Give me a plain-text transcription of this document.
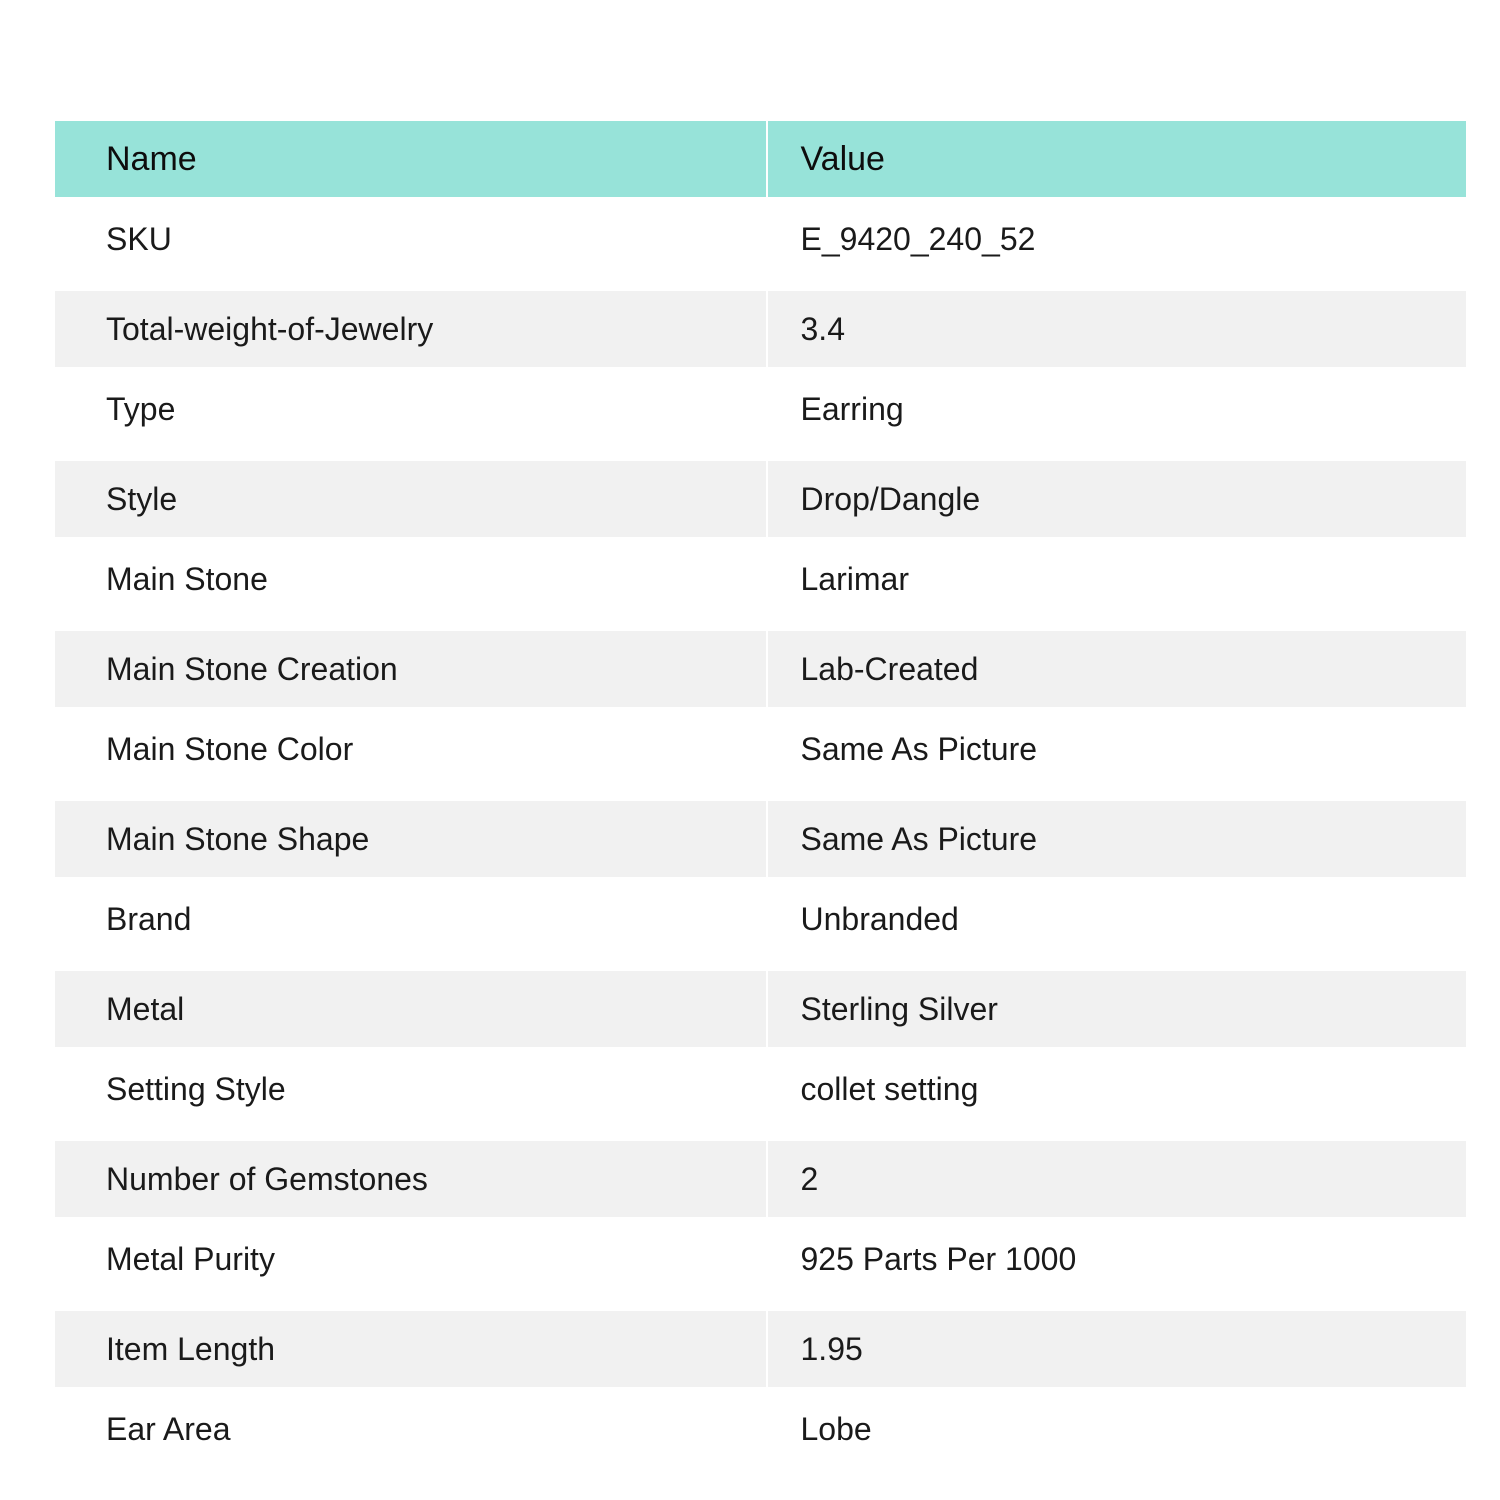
Name	Value
SKU	E_9420_240_52
Total-weight-of-Jewelry	3.4
Type	Earring
Style	Drop/Dangle
Main Stone	Larimar
Main Stone Creation	Lab-Created
Main Stone Color	Same As Picture
Main Stone Shape	Same As Picture
Brand	Unbranded
Metal	Sterling Silver
Setting Style	collet setting
Number of Gemstones	2
Metal Purity	925 Parts Per 1000
Item Length	1.95
Ear Area	Lobe
